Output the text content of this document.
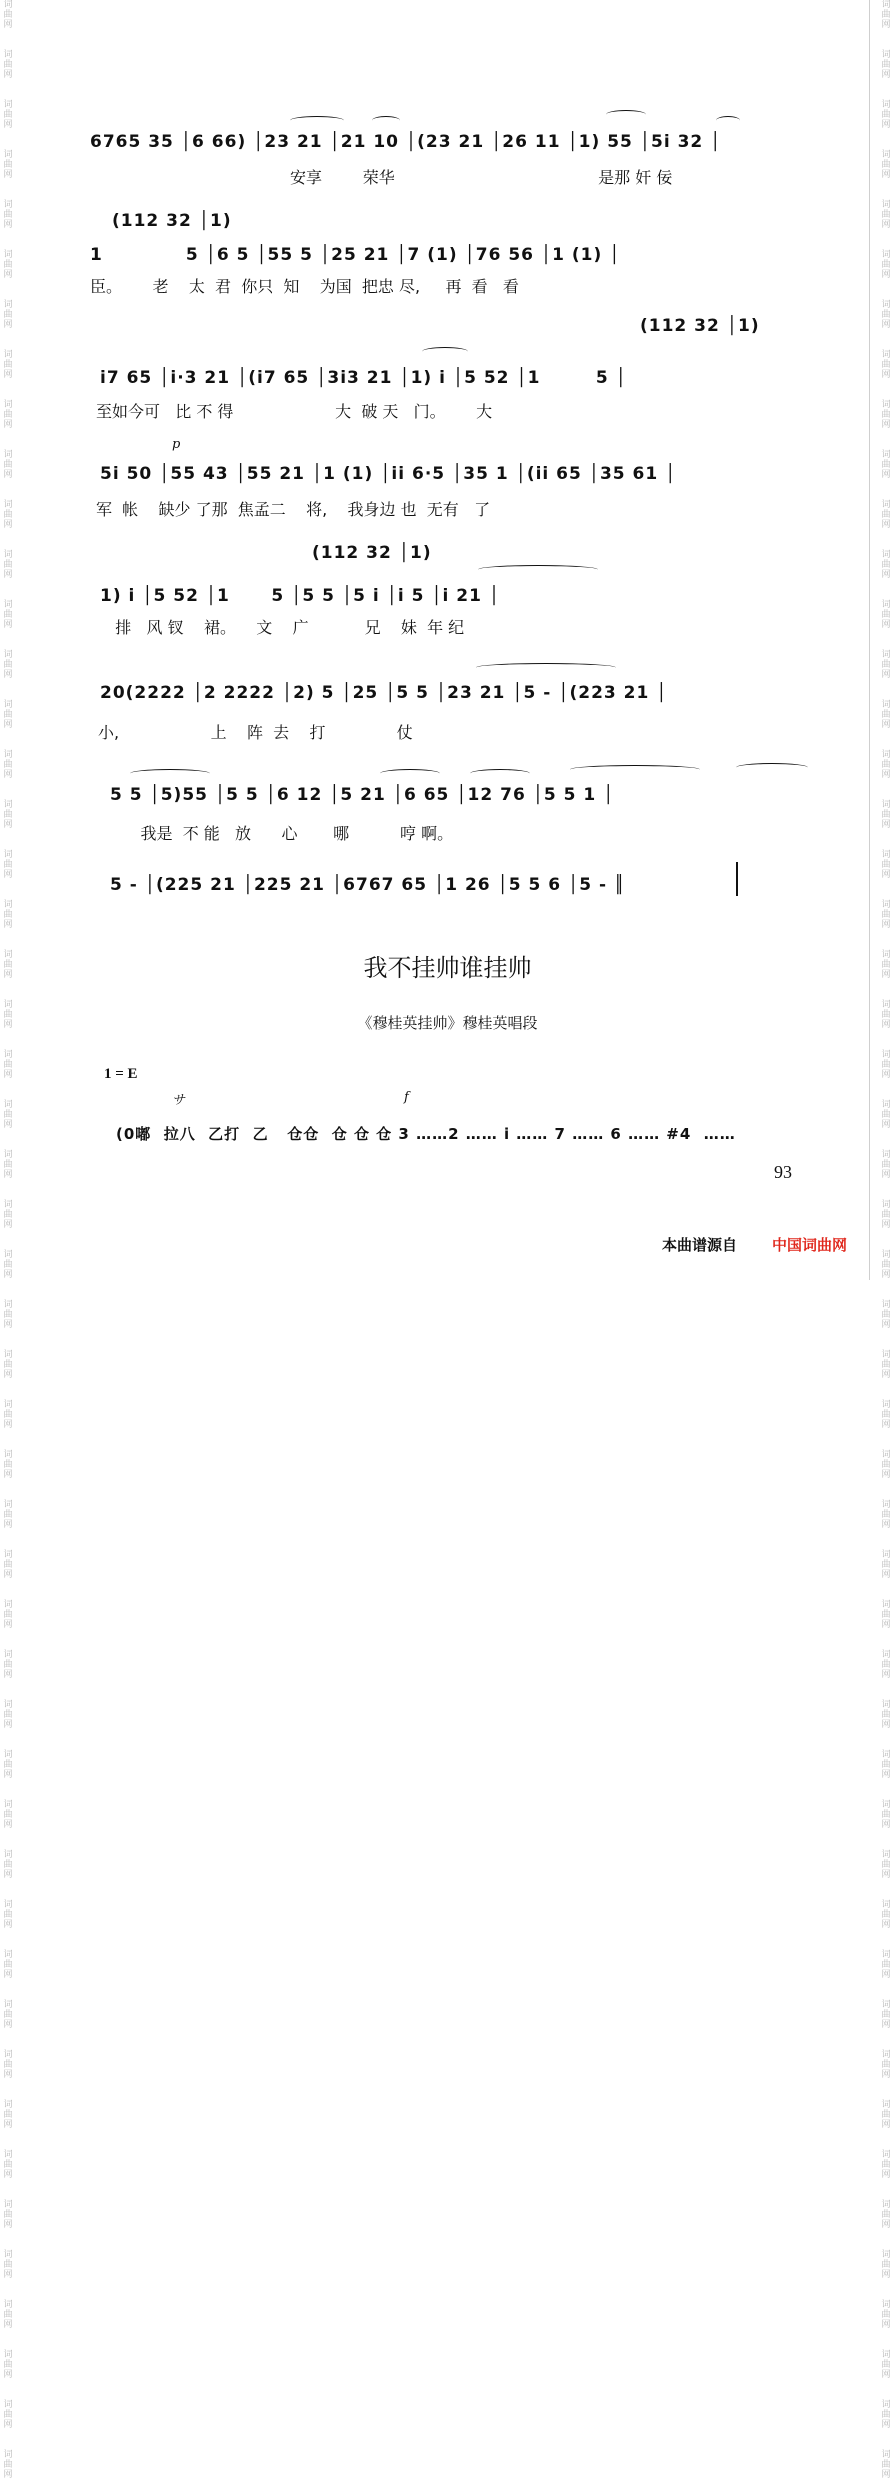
词
曲
网

词
曲
网

词
曲
网

词
曲
网

词
曲
网

词
曲
网

词
曲
网

词
曲
网

词
曲
网

词
曲
网

词
曲
网

词
曲
网

词
曲
网

词
曲
网

词
曲
网

词
曲
网

词
曲
网

词
曲
网

词
曲
网

词
曲
网

词
曲
网

词
曲
网

词
曲
网

词
曲
网

词
曲
网

词
曲
网

词
曲
网

词
曲
网

词
曲
网

词
曲
网

词
曲
网

词
曲
网

词
曲
网

词
曲
网

词
曲
网

词
曲
网

词
曲
网

词
曲
网

词
曲
网

词
曲
网

词
曲
网

词
曲
网

词
曲
网

词
曲
网

词
曲
网

词
曲
网

词
曲
网

词
曲
网

词
曲
网

词
曲
网

词
曲
网

词
曲
网

词
曲
网

词
曲
网

词
曲
网

词
曲
网

词
曲
网

词
曲
网

词
曲
网

词
曲
网

词
曲
网

词
曲
网

词
曲
网

词
曲
网

词
曲
网

词
曲
网

词
曲
网

词
曲
网

词
曲
网

词
曲
网

词
曲
网

词
曲
网

词
曲
网

词
曲
网

词
曲
网

词
曲
网

词
曲
网

词
曲
网

词
曲
网

词
曲
网

词
曲
网

词
曲
网

词
曲
网

词
曲
网

词
曲
网

词
曲
网

词
曲
网

词
曲
网

词
曲
网

词
曲
网

词
曲
网

词
曲
网

词
曲
网

词
曲
网

词
曲
网

词
曲
网

词
曲
网

词
曲
网

词
曲
网

词
曲
网

6765 35 │6 66) │23 21 │21 10 │(23 21 │26 11 │1) 55 │5i 32 │
安享        荣华                                        是那 奸 佞
(112 32 │1)
1            5 │6 5 │55 5 │25 21 │7 (1) │76 56 │1 (1) │
臣。      老    太  君  你只  知    为国  把忠 尽,     再  看   看
(112 32 │1)
i7 65 │i·3 21 │(i7 65 │3i3 21 │1) i │5 52 │1        5 │
至如今可   比 不 得                    大  破 天   门。      大
p
5i 50 │55 43 │55 21 │1 (1) │ii 6·5 │35 1 │(ii 65 │35 61 │
军  帐    缺少 了那  焦孟二    将,    我身边 也  无有   了
(112 32 │1)
1) i │5 52 │1      5 │5 5 │5 i │i 5 │i 21 │
排   风 钗    裙。    文    广           兄    妹  年 纪
20(2222 │2 2222 │2) 5 │25 │5 5 │23 21 │5 - │(223 21 │
小,                  上    阵  去    打              仗
5 5 │5)55 │5 5 │6 12 │5 21 │6 65 │12 76 │5 5 1 │
我是  不 能   放      心       哪          哼 啊。
5 - │(225 21 │225 21 │6767 65 │1 26 │5 5 6 │5 - ║
我不挂帅谁挂帅
《穆桂英挂帅》穆桂英唱段
1 = E
サ	f
(0嘟  拉八  乙打  乙   仓仓  仓 仓 仓 3 ……2 …… i …… 7 …… 6 …… #4  ……
93
本曲谱源自 中国词曲网
